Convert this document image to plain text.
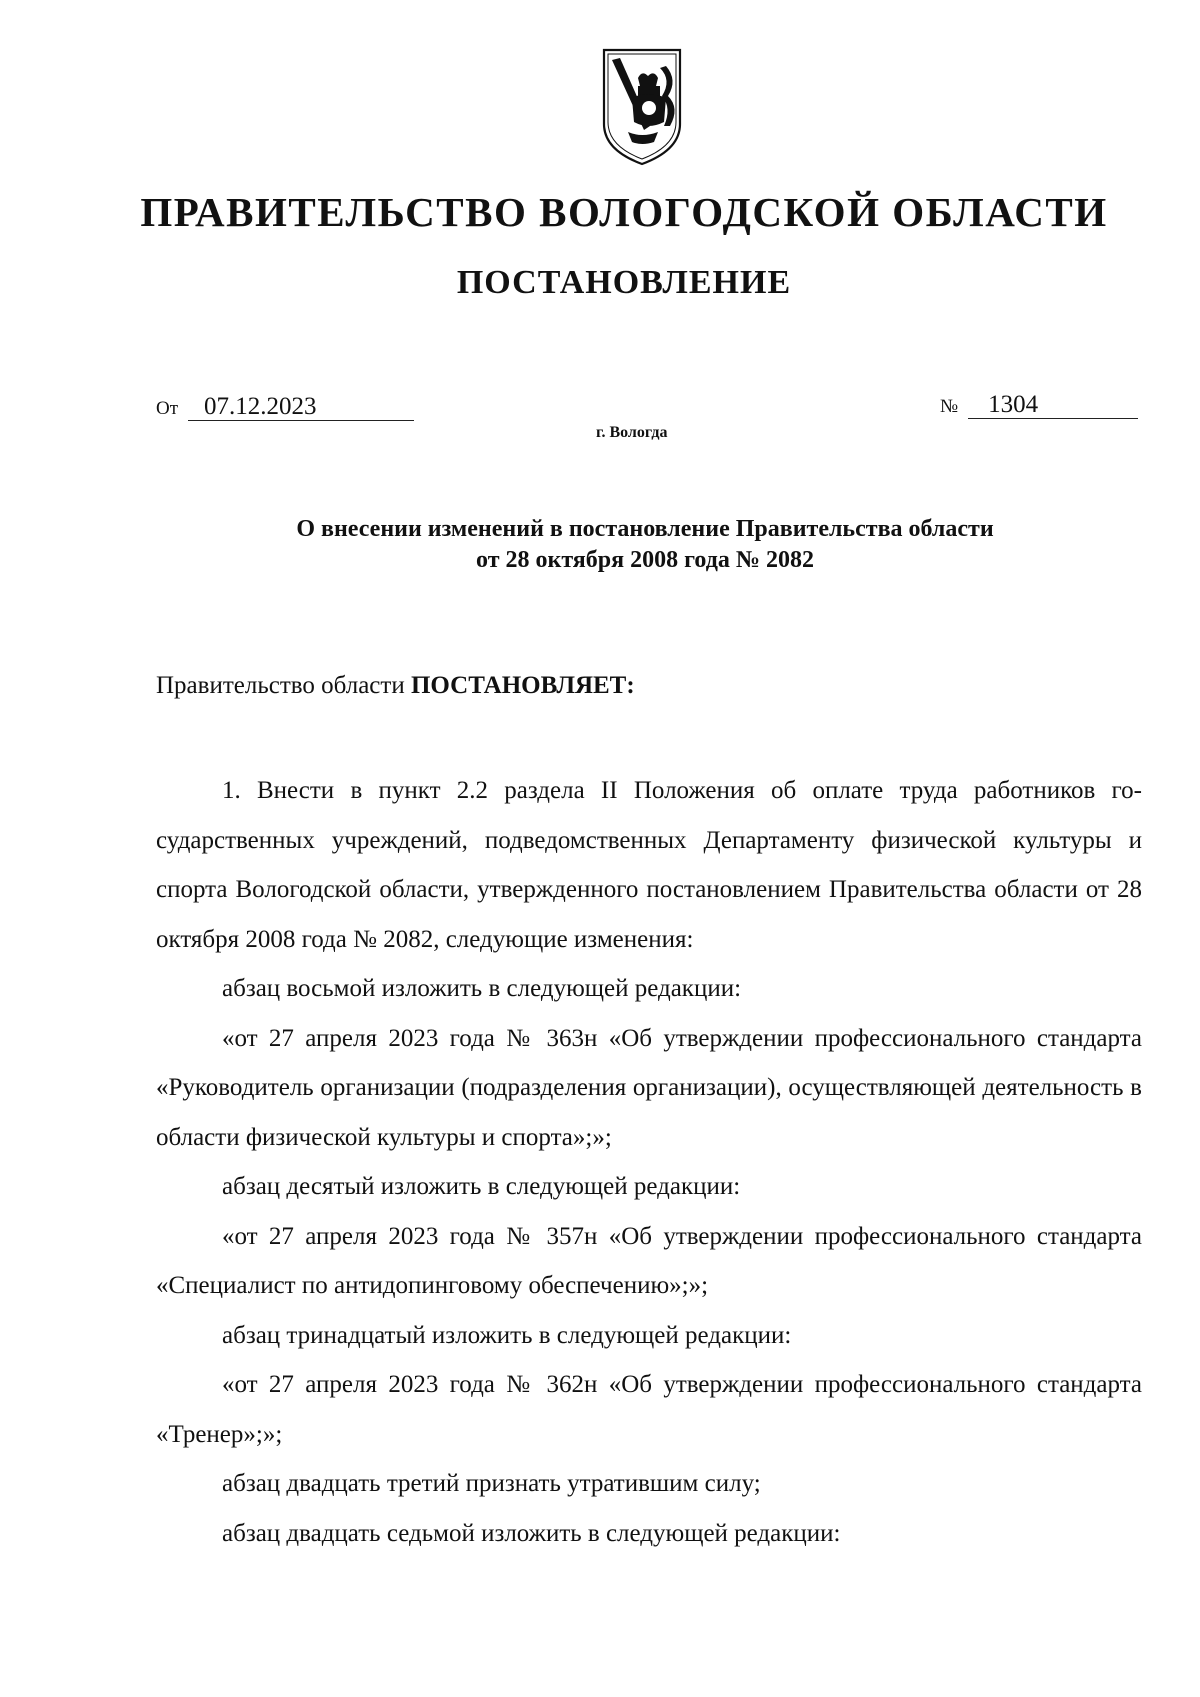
ПРАВИТЕЛЬСТВО ВОЛОГОДСКОЙ ОБЛАСТИ
ПОСТАНОВЛЕНИЕ
От 07.12.2023	№ 1304
г. Вологда
О внесении изменений в постановление Правительства области
от 28 октября 2008 года № 2082
Правительство области ПОСТАНОВЛЯЕТ:

1. Внести в пункт 2.2 раздела II Положения об оплате труда работников государственных учреждений, подведомственных Департаменту физической культуры и спорта Вологодской области, утвержденного постановлением Правительства области от 28 октября 2008 года № 2082, следующие изменения:

абзац восьмой изложить в следующей редакции:

«от 27 апреля 2023 года № 363н «Об утверждении профессионального стандарта «Руководитель организации (подразделения организации), осуществляющей деятельность в области физической культуры и спорта»;»;

абзац десятый изложить в следующей редакции:

«от 27 апреля 2023 года № 357н «Об утверждении профессионального стандарта «Специалист по антидопинговому обеспечению»;»;

абзац тринадцатый изложить в следующей редакции:

«от 27 апреля 2023 года № 362н «Об утверждении профессионального стандарта «Тренер»;»;

абзац двадцать третий признать утратившим силу;

абзац двадцать седьмой изложить в следующей редакции:
